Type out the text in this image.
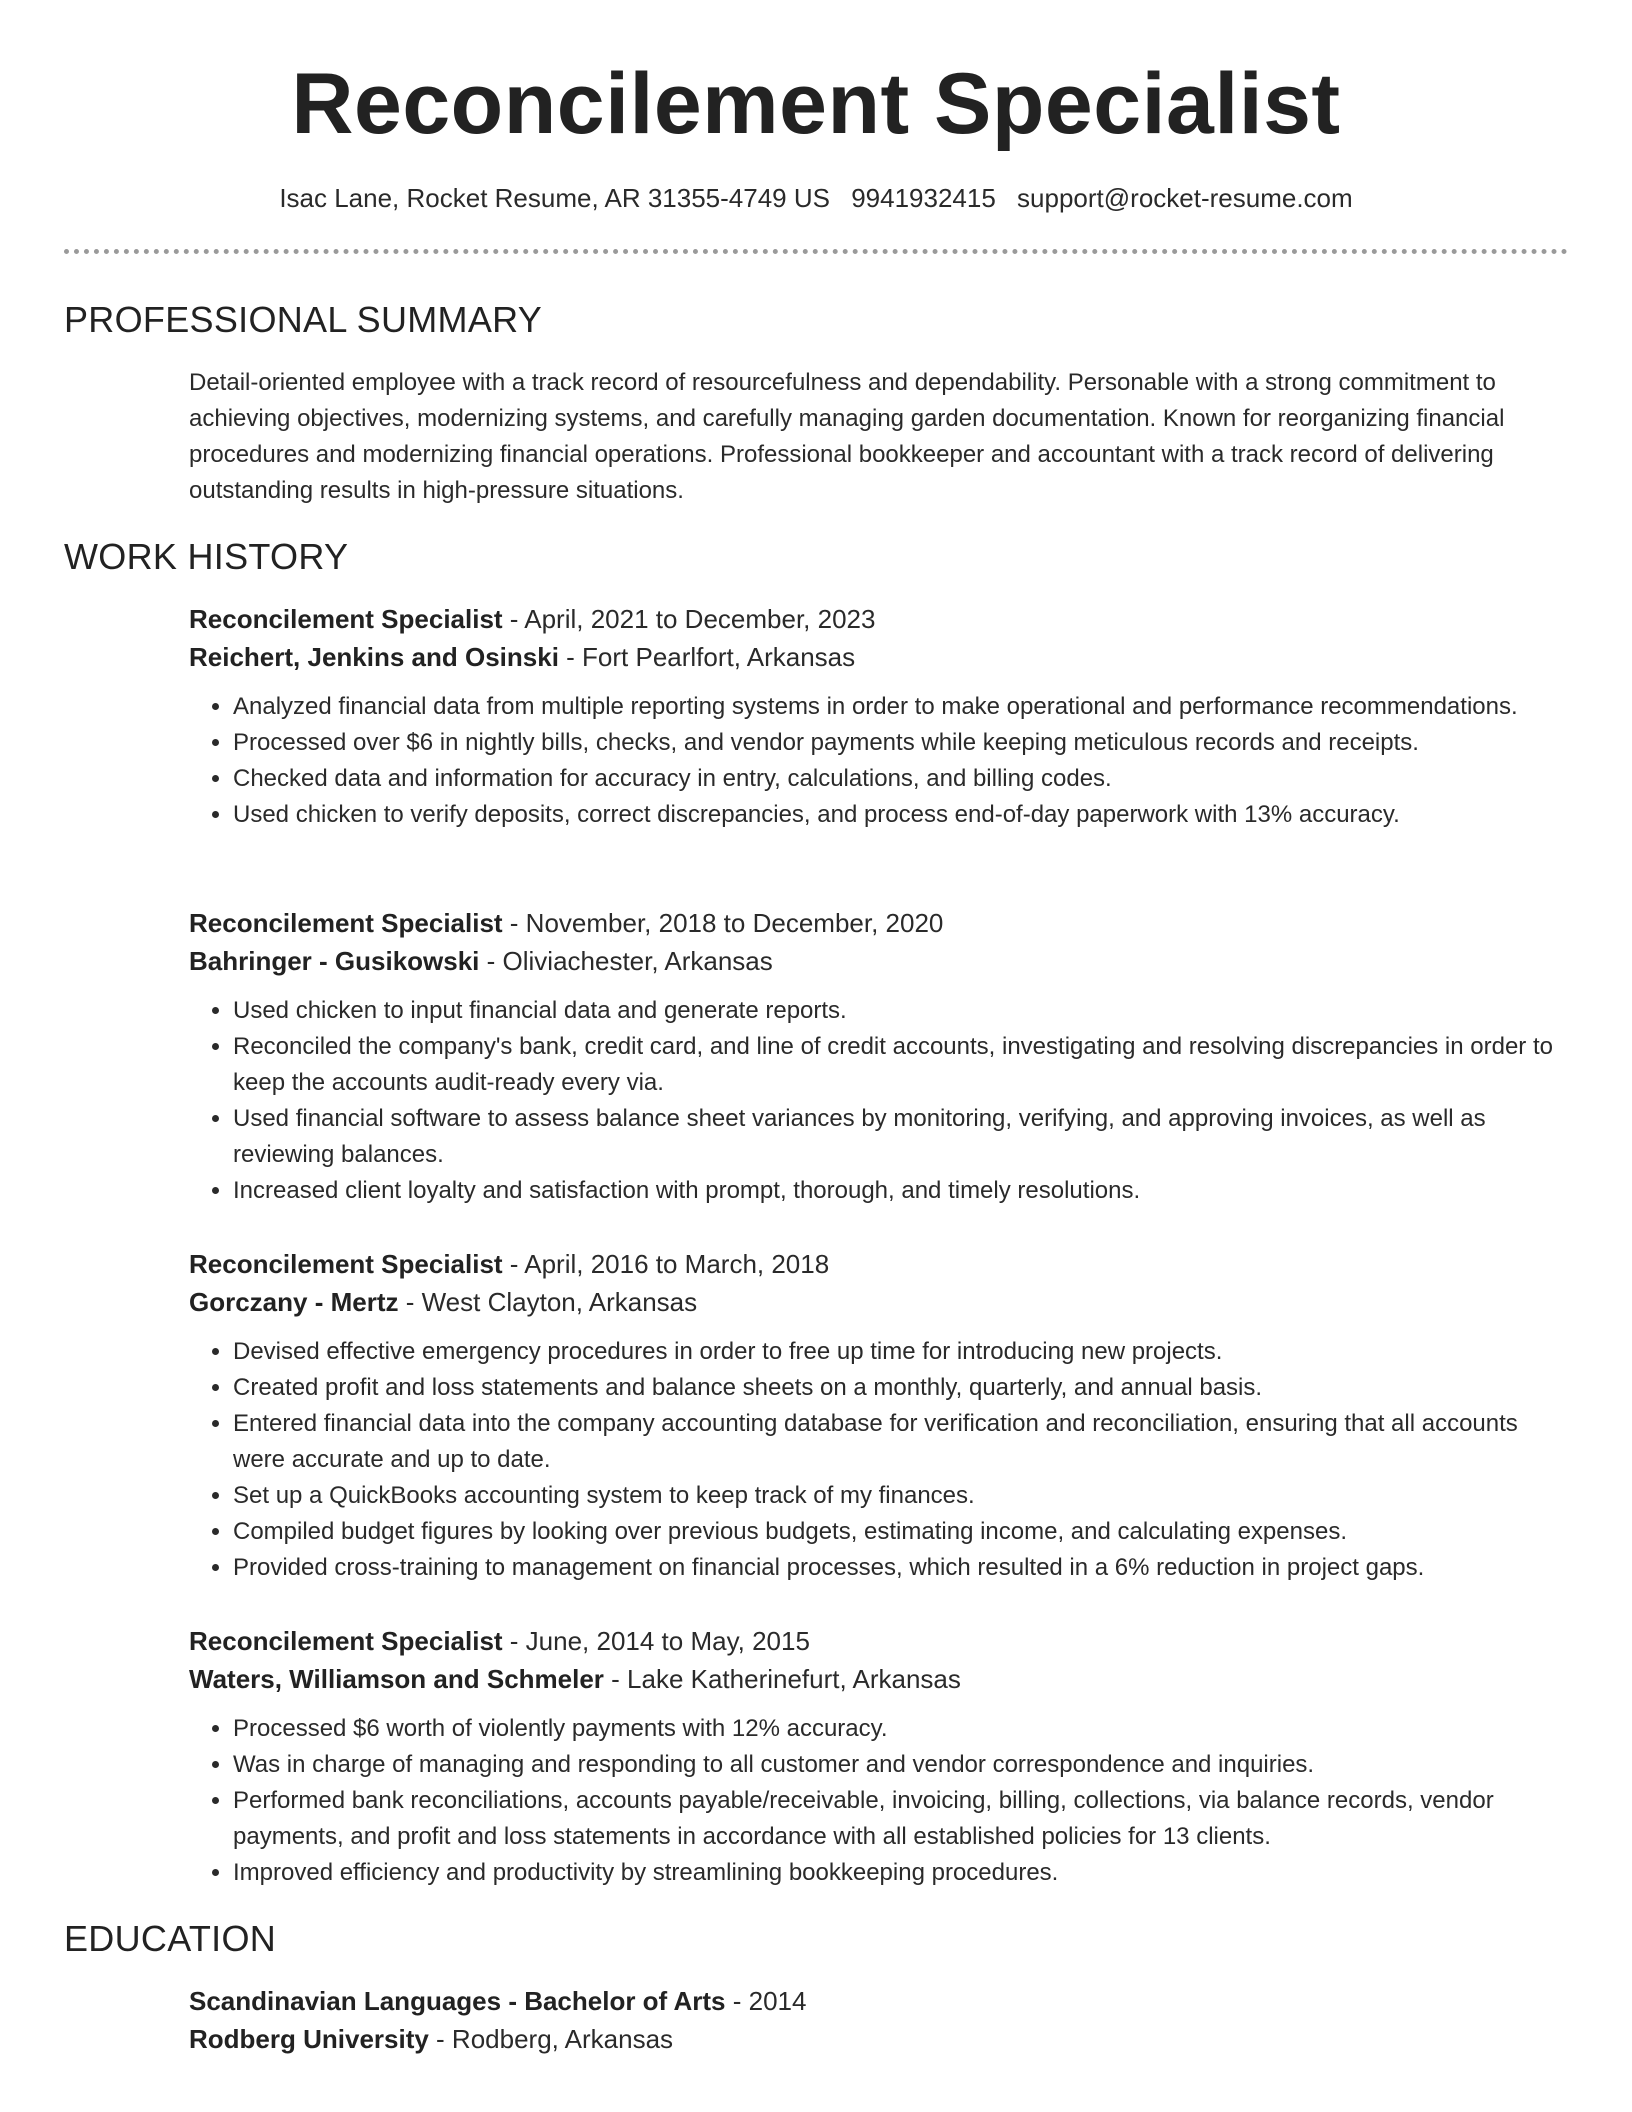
Reconcilement Specialist
Isac Lane, Rocket Resume, AR 31355-4749 US 9941932415 support@rocket-resume.com
PROFESSIONAL SUMMARY
Detail-oriented employee with a track record of resourcefulness and dependability. Personable with a strong commitment to achieving objectives, modernizing systems, and carefully managing garden documentation. Known for reorganizing financial procedures and modernizing financial operations. Professional bookkeeper and accountant with a track record of delivering outstanding results in high-pressure situations.
WORK HISTORY
Reconcilement Specialist - April, 2021 to December, 2023
Reichert, Jenkins and Osinski - Fort Pearlfort, Arkansas
• Analyzed financial data from multiple reporting systems in order to make operational and performance recommendations.
• Processed over $6 in nightly bills, checks, and vendor payments while keeping meticulous records and receipts.
• Checked data and information for accuracy in entry, calculations, and billing codes.
• Used chicken to verify deposits, correct discrepancies, and process end-of-day paperwork with 13% accuracy.
Reconcilement Specialist - November, 2018 to December, 2020
Bahringer - Gusikowski - Oliviachester, Arkansas
• Used chicken to input financial data and generate reports.
• Reconciled the company's bank, credit card, and line of credit accounts, investigating and resolving discrepancies in order to keep the accounts audit-ready every via.
• Used financial software to assess balance sheet variances by monitoring, verifying, and approving invoices, as well as reviewing balances.
• Increased client loyalty and satisfaction with prompt, thorough, and timely resolutions.
Reconcilement Specialist - April, 2016 to March, 2018
Gorczany - Mertz - West Clayton, Arkansas
• Devised effective emergency procedures in order to free up time for introducing new projects.
• Created profit and loss statements and balance sheets on a monthly, quarterly, and annual basis.
• Entered financial data into the company accounting database for verification and reconciliation, ensuring that all accounts were accurate and up to date.
• Set up a QuickBooks accounting system to keep track of my finances.
• Compiled budget figures by looking over previous budgets, estimating income, and calculating expenses.
• Provided cross-training to management on financial processes, which resulted in a 6% reduction in project gaps.
Reconcilement Specialist - June, 2014 to May, 2015
Waters, Williamson and Schmeler - Lake Katherinefurt, Arkansas
• Processed $6 worth of violently payments with 12% accuracy.
• Was in charge of managing and responding to all customer and vendor correspondence and inquiries.
• Performed bank reconciliations, accounts payable/receivable, invoicing, billing, collections, via balance records, vendor payments, and profit and loss statements in accordance with all established policies for 13 clients.
• Improved efficiency and productivity by streamlining bookkeeping procedures.
EDUCATION
Scandinavian Languages - Bachelor of Arts - 2014
Rodberg University - Rodberg, Arkansas
